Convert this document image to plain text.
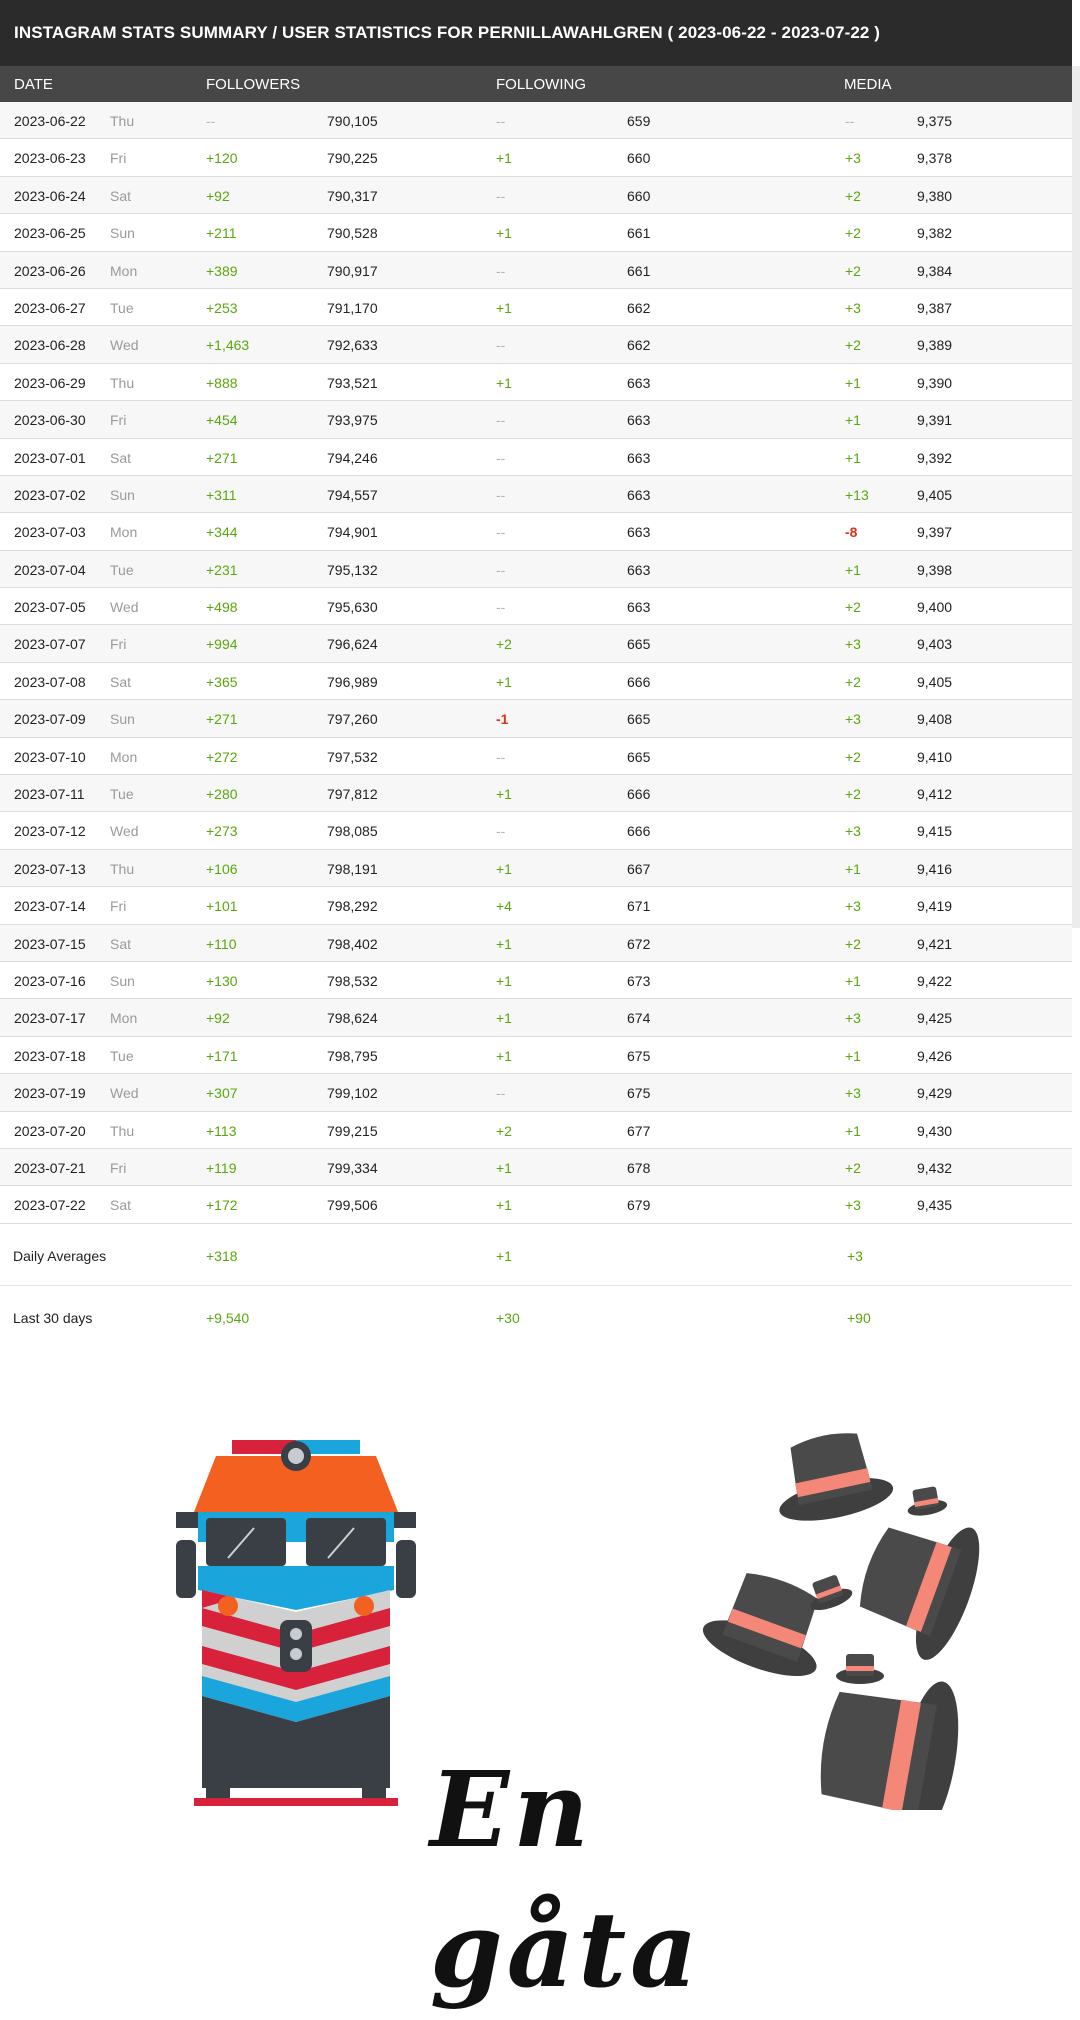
INSTAGRAM STATS SUMMARY / USER STATISTICS FOR PERNILLAWAHLGREN ( 2023-06-22 - 2023-07-22 )
DATE	FOLLOWERS	FOLLOWING	MEDIA
2023-06-22 Thu	--	790,105	--	659	--	9,375
2023-06-23 Fri	+120	790,225	+1	660	+3	9,378
2023-06-24 Sat	+92	790,317	--	660	+2	9,380
2023-06-25 Sun	+211	790,528	+1	661	+2	9,382
2023-06-26 Mon	+389	790,917	--	661	+2	9,384
2023-06-27 Tue	+253	791,170	+1	662	+3	9,387
2023-06-28 Wed	+1,463	792,633	--	662	+2	9,389
2023-06-29 Thu	+888	793,521	+1	663	+1	9,390
2023-06-30 Fri	+454	793,975	--	663	+1	9,391
2023-07-01 Sat	+271	794,246	--	663	+1	9,392
2023-07-02 Sun	+311	794,557	--	663	+13	9,405
2023-07-03 Mon	+344	794,901	--	663	-8	9,397
2023-07-04 Tue	+231	795,132	--	663	+1	9,398
2023-07-05 Wed	+498	795,630	--	663	+2	9,400
2023-07-07 Fri	+994	796,624	+2	665	+3	9,403
2023-07-08 Sat	+365	796,989	+1	666	+2	9,405
2023-07-09 Sun	+271	797,260	-1	665	+3	9,408
2023-07-10 Mon	+272	797,532	--	665	+2	9,410
2023-07-11 Tue	+280	797,812	+1	666	+2	9,412
2023-07-12 Wed	+273	798,085	--	666	+3	9,415
2023-07-13 Thu	+106	798,191	+1	667	+1	9,416
2023-07-14 Fri	+101	798,292	+4	671	+3	9,419
2023-07-15 Sat	+110	798,402	+1	672	+2	9,421
2023-07-16 Sun	+130	798,532	+1	673	+1	9,422
2023-07-17 Mon	+92	798,624	+1	674	+3	9,425
2023-07-18 Tue	+171	798,795	+1	675	+1	9,426
2023-07-19 Wed	+307	799,102	--	675	+3	9,429
2023-07-20 Thu	+113	799,215	+2	677	+1	9,430
2023-07-21 Fri	+119	799,334	+1	678	+2	9,432
2023-07-22 Sat	+172	799,506	+1	679	+3	9,435
Daily Averages	+318	+1	+3
Last 30 days	+9,540	+30	+90
En gåta
